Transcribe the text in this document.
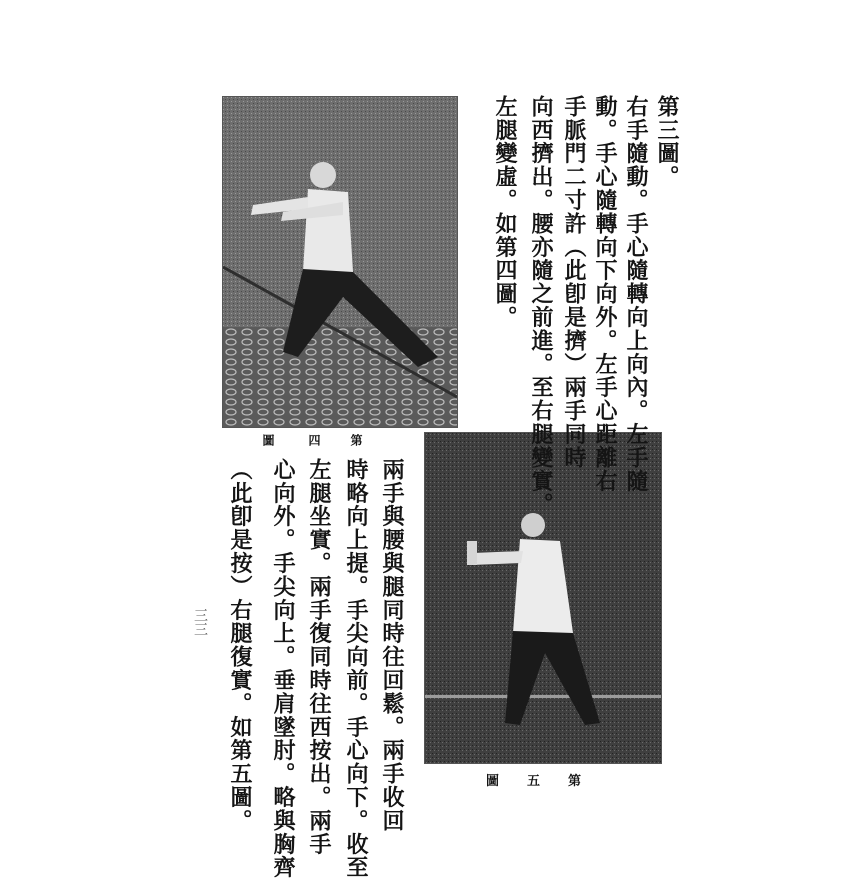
第
四
圖
第五圖
第三圖。
右手隨動。手心隨轉向上向內。左手隨
動。手心隨轉向下向外。左手心距離右
手脈門二寸許（此卽是擠）兩手同時
向西擠出。腰亦隨之前進。至右腿變實。
左腿變虛。如第四圖。
兩手與腰與腿同時往回鬆。兩手收回
時略向上提。手尖向前。手心向下。收至
左腿坐實。兩手復同時往西按出。兩手
心向外。手尖向上。垂肩墜肘。略與胸齊
（此卽是按）右腿復實。如第五圖。
三三
